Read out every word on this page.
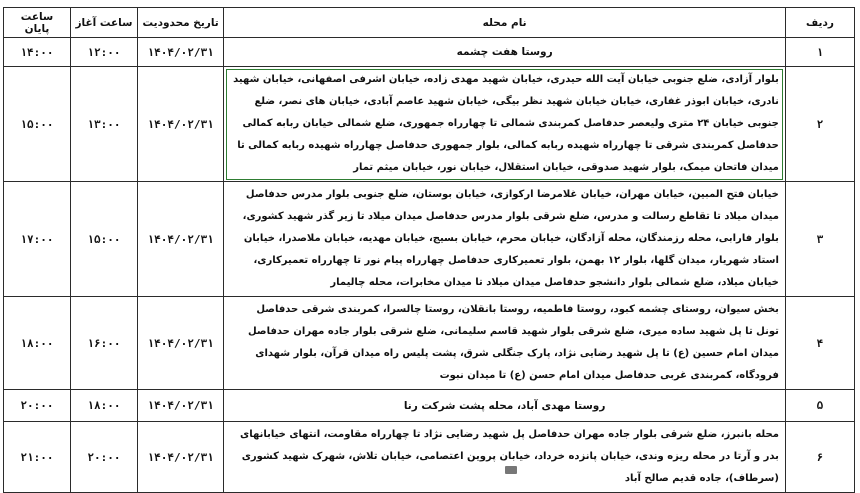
ردیف	نام محله	تاریخ محدودیت	ساعت آغاز	ساعت پایان
۱	روستا هفت چشمه	۱۴۰۴/۰۲/۳۱	۱۲:۰۰	۱۴:۰۰
۲	بلوار آزادی، ضلع جنوبی خیابان آیت الله حیدری، خیابان شهید مهدی زاده، خیابان اشرفی اصفهانی، خیابان شهید نادری، خیابان ابوذر غفاری، خیابان خیابان شهید نظر بیگی، خیابان شهید عاصم آبادی، خیابان های نصر، ضلع جنوبی خیابان ۲۴ متری ولیعصر حدفاصل کمربندی شمالی تا چهارراه جمهوری، ضلع شمالی خیابان ربابه کمالی حدفاصل کمربندی شرقی تا چهارراه شهیده ربابه کمالی، بلوار جمهوری حدفاصل چهارراه شهیده ربابه کمالی تا میدان فاتحان میمک، بلوار شهید صدوقی، خیابان استقلال، خیابان نور، خیابان میثم تمار	۱۴۰۴/۰۲/۳۱	۱۳:۰۰	۱۵:۰۰
۳	خیابان فتح المبین، خیابان مهران، خیابان غلامرضا ارکوازی، خیابان بوستان، ضلع جنوبی بلوار مدرس حدفاصل میدان میلاد تا تقاطع رسالت و مدرس، ضلع شرقی بلوار مدرس حدفاصل میدان میلاد تا زیر گذر شهید کشوری، بلوار فارابی، محله رزمندگان، محله آزادگان، خیابان محرم، خیابان بسیج، خیابان مهدیه، خیابان ملاصدرا، خیابان استاد شهریار، میدان گلها، بلوار ۱۲ بهمن، بلوار تعمیرکاری حدفاصل چهارراه پیام نور تا چهارراه تعمیرکاری، خیابان میلاد، ضلع شمالی بلوار دانشجو حدفاصل میدان میلاد تا میدان مخابرات، محله چالیمار	۱۴۰۴/۰۲/۳۱	۱۵:۰۰	۱۷:۰۰
۴	بخش سیوان، روستای چشمه کبود، روستا فاطمیه، روستا بانقلان، روستا چالسرا، کمربندی شرقی حدفاصل تونل تا پل شهید ساده میری، ضلع شرقی بلوار شهید قاسم سلیمانی، ضلع شرقی بلوار جاده مهران حدفاصل میدان امام حسین (ع) تا پل شهید رضایی نژاد، پارک جنگلی شرق، پشت پلیس راه میدان قرآن، بلوار شهدای فرودگاه، کمربندی غربی حدفاصل میدان امام حسن (ع) تا میدان نبوت	۱۴۰۴/۰۲/۳۱	۱۶:۰۰	۱۸:۰۰
۵	روستا مهدی آباد، محله پشت شرکت رنا	۱۴۰۴/۰۲/۳۱	۱۸:۰۰	۲۰:۰۰
۶	محله بانبرز، ضلع شرقی بلوار جاده مهران حدفاصل پل شهید رضایی نژاد تا چهارراه مقاومت، انتهای خیابانهای بدر و آرتا در محله ریزه وندی، خیابان پانزده خرداد، خیابان پروین اعتصامی، خیابان تلاش، شهرک شهید کشوری (سرطاف)، جاده قدیم صالح آباد	۱۴۰۴/۰۲/۳۱	۲۰:۰۰	۲۱:۰۰
